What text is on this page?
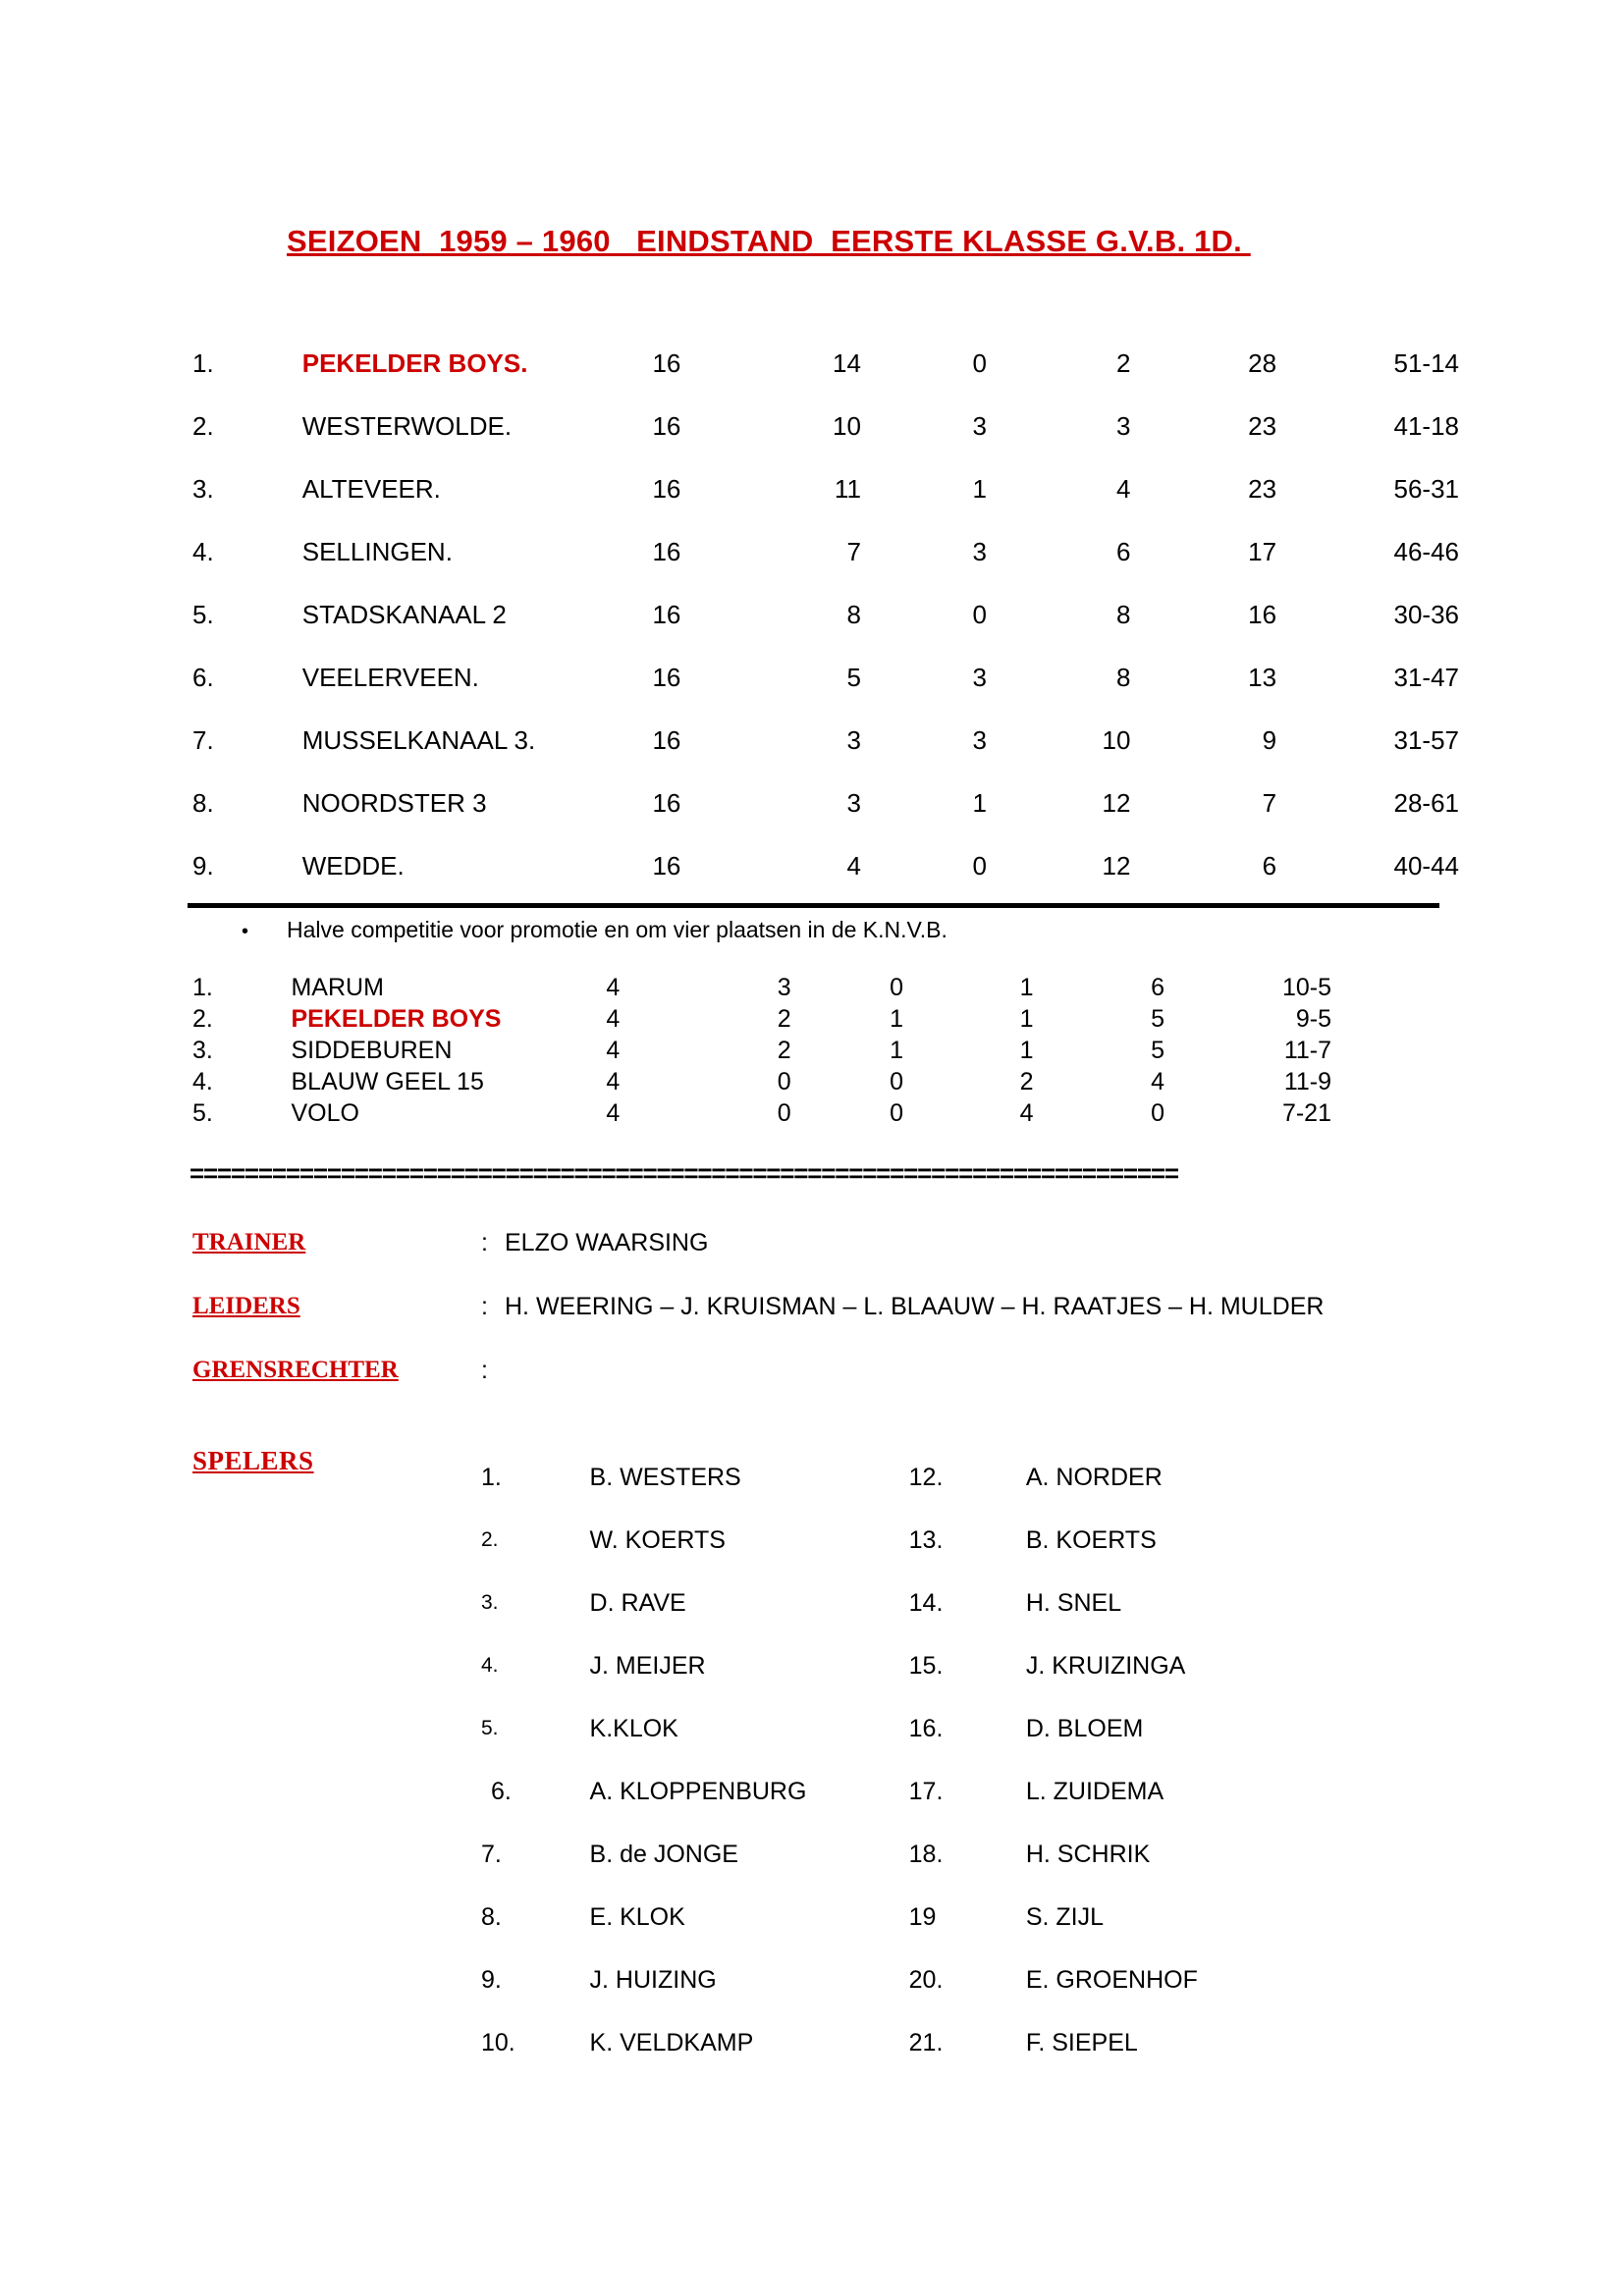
SEIZOEN  1959 – 1960   EINDSTAND  EERSTE KLASSE G.V.B. 1D.
1.	PEKELDER BOYS.	16	14	0	2	28	51-14
2.	WESTERWOLDE.	16	10	3	3	23	41-18
3.	ALTEVEER.	16	11	1	4	23	56-31
4.	SELLINGEN.	16	7	3	6	17	46-46
5.	STADSKANAAL 2	16	8	0	8	16	30-36
6.	VEELERVEEN.	16	5	3	8	13	31-47
7.	MUSSELKANAAL 3.	16	3	3	10	9	31-57
8.	NOORDSTER 3	16	3	1	12	7	28-61
9.	WEDDE.	16	4	0	12	6	40-44
• Halve competitie voor promotie en om vier plaatsen in de K.N.V.B.
1.	MARUM	4	3	0	1	6	10-5
2.	PEKELDER BOYS	4	2	1	1	5	9-5
3.	SIDDEBUREN	4	2	1	1	5	11-7
4.	BLAUW GEEL 15	4	0	0	2	4	11-9
5.	VOLO	4	0	0	4	0	7-21
========================================================================
TRAINER	: ELZO WAARSING
LEIDERS	: H. WEERING – J. KRUISMAN – L. BLAAUW – H. RAATJES – H. MULDER
GRENSRECHTER	:
SPELERS
1.	B. WESTERS	12.	A. NORDER
2.	W. KOERTS	13.	B. KOERTS
3.	D. RAVE	14.	H. SNEL
4.	J. MEIJER	15.	J. KRUIZINGA
5.	K.KLOK	16.	D. BLOEM
6.	A. KLOPPENBURG	17.	L. ZUIDEMA
7.	B. de JONGE	18.	H. SCHRIK
8.	E. KLOK	19	S. ZIJL
9.	J. HUIZING	20.	E. GROENHOF
10.	K. VELDKAMP	21.	F. SIEPEL
